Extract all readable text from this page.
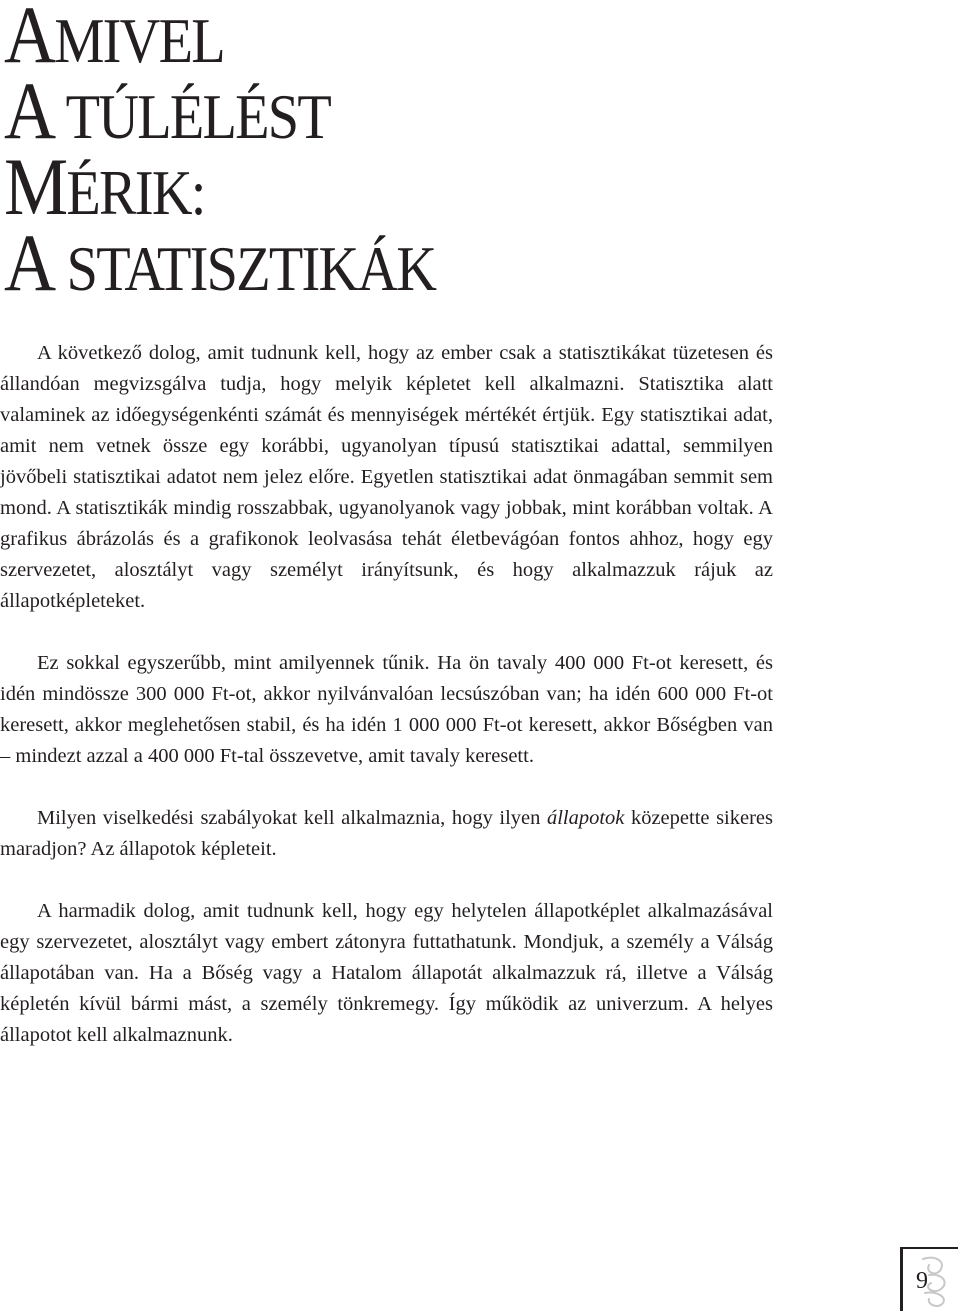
AMIVEL
A TÚLÉLÉST
MÉRIK:
A STATISZTIKÁK

A következő dolog, amit tudnunk kell, hogy az ember csak a statisztikákat tüzetesen és állandóan megvizsgálva tudja, hogy melyik képletet kell alkalmazni. Statisztika alatt valaminek az időegységenkénti számát és mennyiségek mértékét értjük. Egy statisztikai adat, amit nem vetnek össze egy korábbi, ugyanolyan típusú statisztikai adattal, semmilyen jövőbeli statisztikai adatot nem jelez előre. Egyetlen statisztikai adat önmagában semmit sem mond. A statisztikák mindig rosszabbak, ugyanolyanok vagy jobbak, mint korábban voltak. A grafikus ábrázolás és a grafikonok leolvasása tehát életbevágóan fontos ahhoz, hogy egy szervezetet, alosztályt vagy személyt irányítsunk, és hogy alkalmazzuk rájuk az állapotképleteket.

Ez sokkal egyszerűbb, mint amilyennek tűnik. Ha ön tavaly 400 000 Ft-ot keresett, és idén mindössze 300 000 Ft-ot, akkor nyilvánvalóan lecsúszóban van; ha idén 600 000 Ft-ot keresett, akkor meglehetősen stabil, és ha idén 1 000 000 Ft-ot keresett, akkor Bőségben van – mindezt azzal a 400 000 Ft-tal összevetve, amit tavaly keresett.

Milyen viselkedési szabályokat kell alkalmaznia, hogy ilyen állapotok közepette sikeres maradjon? Az állapotok képleteit.

A harmadik dolog, amit tudnunk kell, hogy egy helytelen állapotképlet alkalmazásával egy szervezetet, alosztályt vagy embert zátonyra futtathatunk. Mondjuk, a személy a Válság állapotában van. Ha a Bőség vagy a Hatalom állapotát alkalmazzuk rá, illetve a Válság képletén kívül bármi mást, a személy tönkremegy. Így működik az univerzum. A helyes állapotot kell alkalmaznunk.

9
